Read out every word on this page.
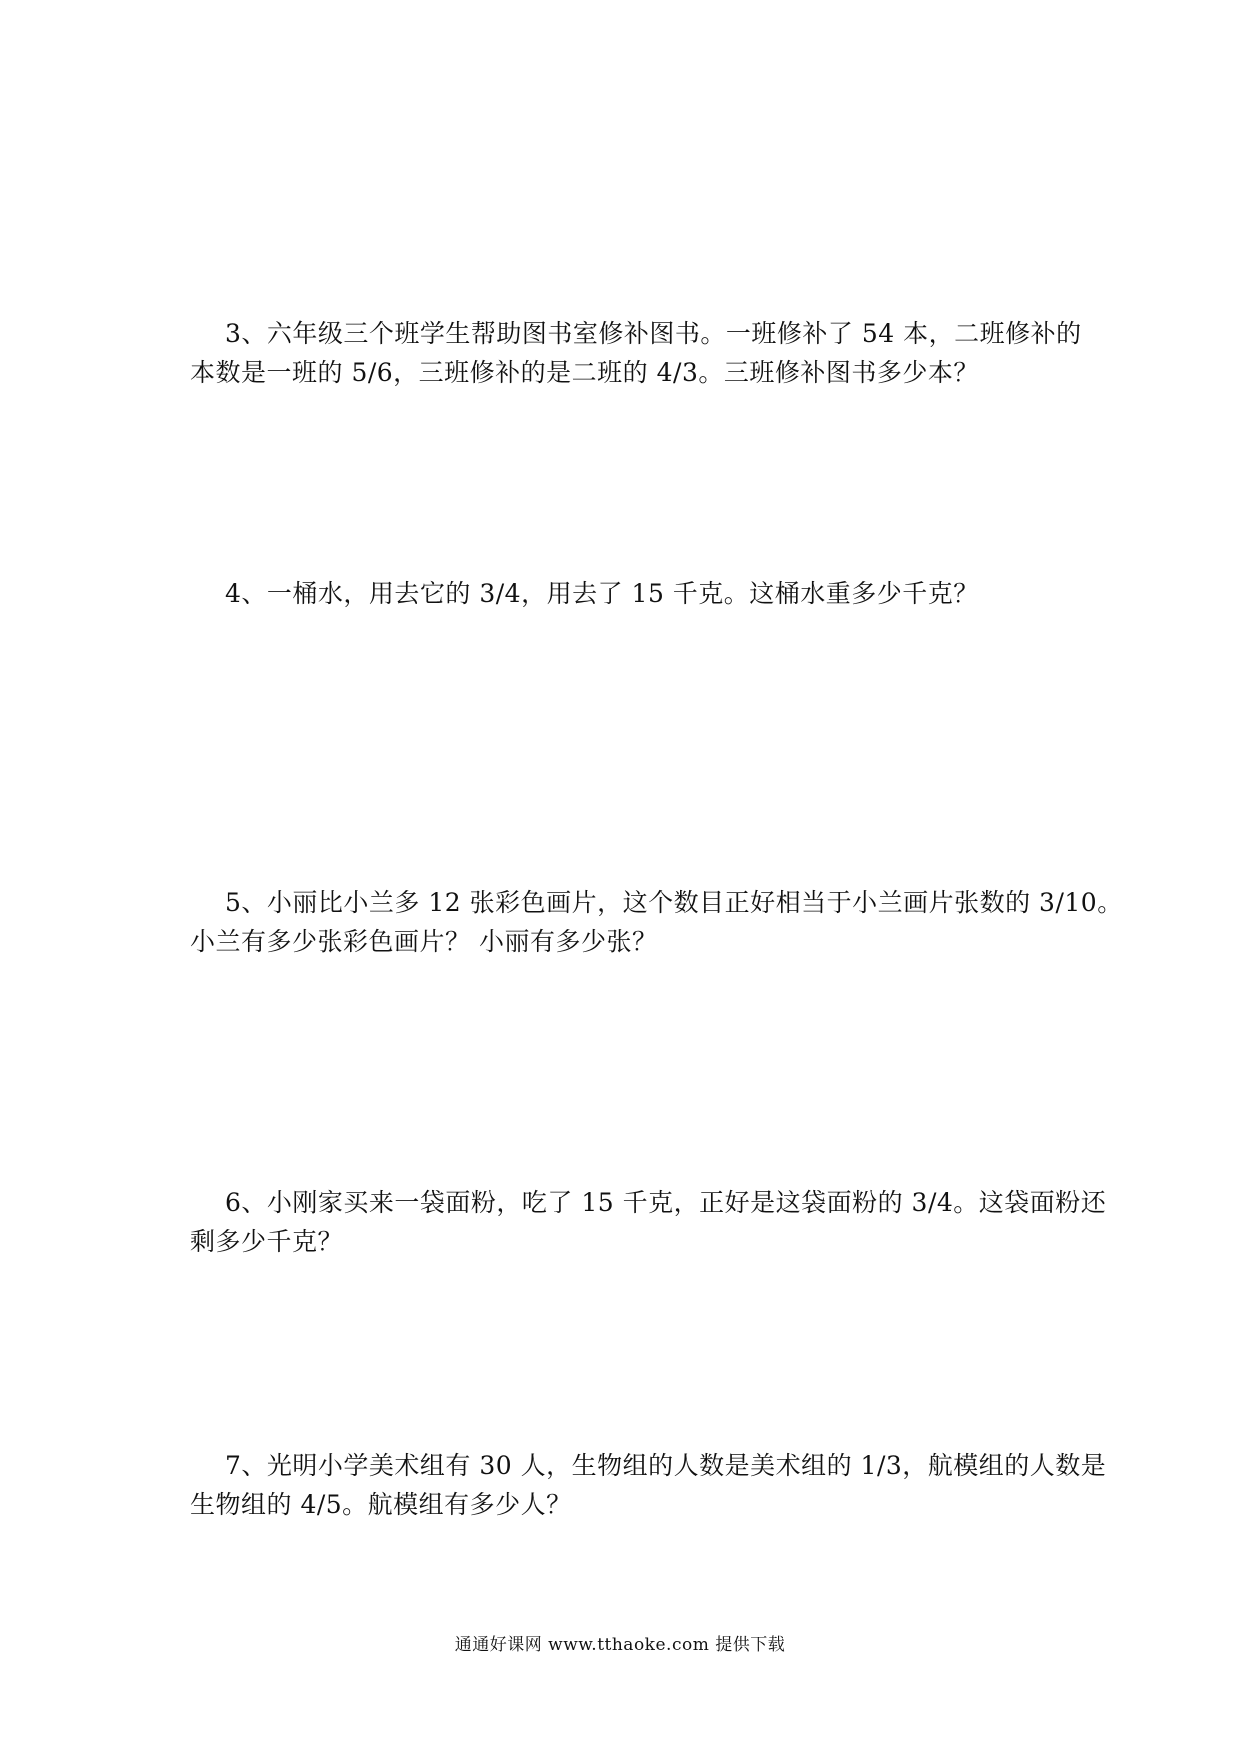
3、六年级三个班学生帮助图书室修补图书。一班修补了 54 本，二班修补的
本数是一班的 5/6，三班修补的是二班的 4/3。三班修补图书多少本？
4、一桶水，用去它的 3/4，用去了 15 千克。这桶水重多少千克？
5、小丽比小兰多 12 张彩色画片，这个数目正好相当于小兰画片张数的 3/10。
小兰有多少张彩色画片？ 小丽有多少张？
6、小刚家买来一袋面粉，吃了 15 千克，正好是这袋面粉的 3/4。这袋面粉还
剩多少千克？
7、光明小学美术组有 30 人，生物组的人数是美术组的 1/3，航模组的人数是
生物组的 4/5。航模组有多少人？
通通好课网 www.tthaoke.com 提供下载
